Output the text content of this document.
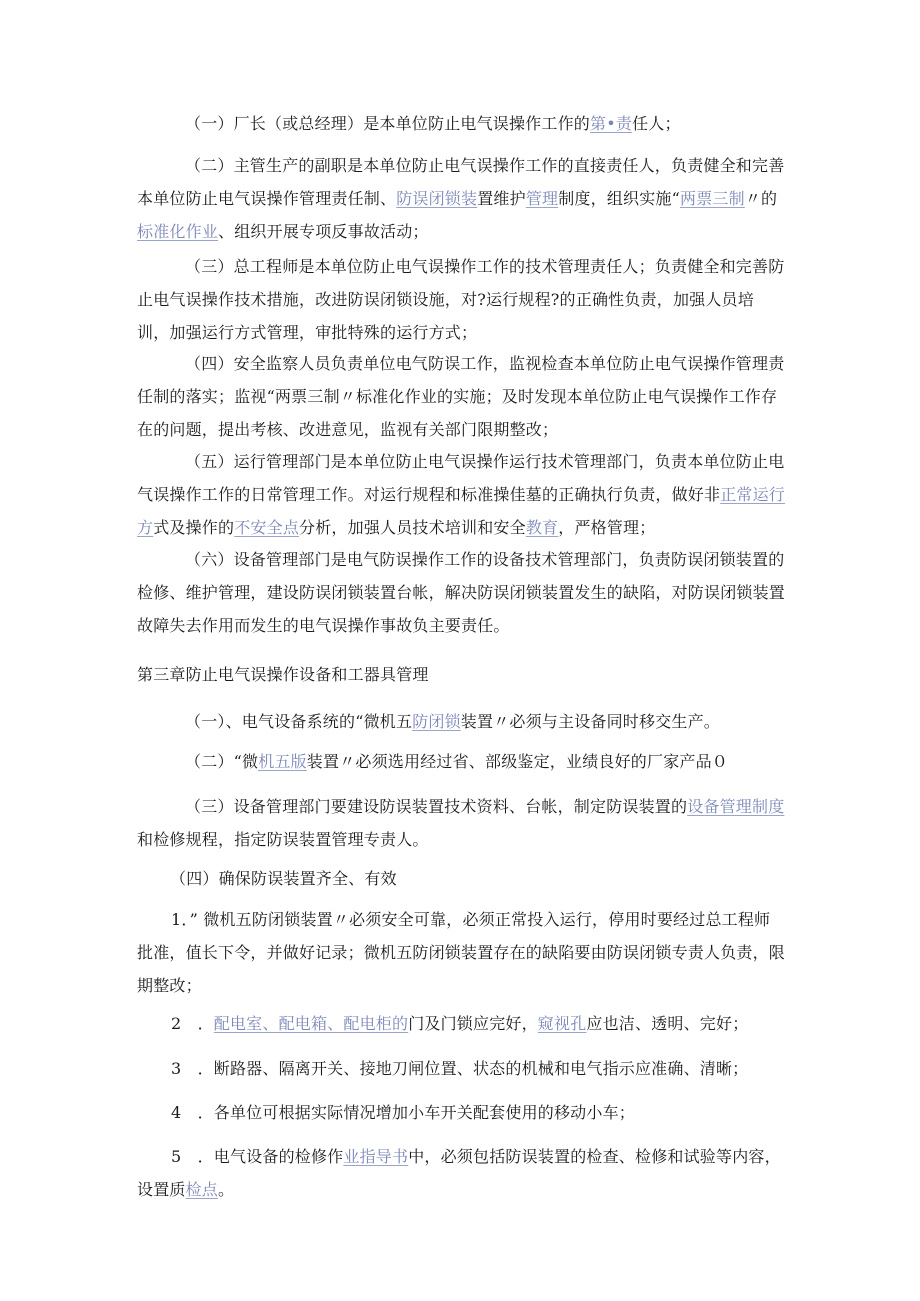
（一）厂长（或总经理）是本单位防止电气误操作工作的第•责任人；

（二）主管生产的副职是本单位防止电气误操作工作的直接责任人，负责健全和完善本单位防止电气误操作管理责任制、防误闭锁装置维护管理制度，组织实施“两票三制〃的标准化作业、组织开展专项反事故活动；

（三）总工程师是本单位防止电气误操作工作的技术管理责任人；负责健全和完善防止电气误操作技术措施，改进防误闭锁设施，对?运行规程?的正确性负责，加强人员培训，加强运行方式管理，审批特殊的运行方式；

（四）安全监察人员负责单位电气防误工作，监视检查本单位防止电气误操作管理责任制的落实；监视“两票三制〃标准化作业的实施；及时发现本单位防止电气误操作工作存在的问题，提出考核、改进意见，监视有关部门限期整改；

（五）运行管理部门是本单位防止电气误操作运行技术管理部门，负责本单位防止电气误操作工作的日常管理工作。对运行规程和标准操佳墓的正确执行负责，做好非正常运行方式及操作的不安全点分析，加强人员技术培训和安全教育，严格管理；

（六）设备管理部门是电气防误操作工作的设备技术管理部门，负责防误闭锁装置的检修、维护管理，建设防误闭锁装置台帐，解决防误闭锁装置发生的缺陷，对防误闭锁装置故障失去作用而发生的电气误操作事故负主要责任。

第三章防止电气误操作设备和工器具管理

（一）、电气设备系统的“微机五防闭锁装置〃必须与主设备同时移交生产。

（二）“微机五版装置〃必须选用经过省、部级鉴定，业绩良好的厂家产品０

（三）设备管理部门要建设防误装置技术资料、台帐，制定防误装置的设备管理制度和检修规程，指定防误装置管理专责人。

（四）确保防误装置齐全、有效

1．” 微机五防闭锁装置〃必须安全可靠，必须正常投入运行，停用时要经过总工程师批准，值长下令，并做好记录；微机五防闭锁装置存在的缺陷要由防误闭锁专责人负责，限期整改；

2　．配电室、配电箱、配电柜的门及门锁应完好，窥视孔应也洁、透明、完好；

3　．断路器、隔离开关、接地刀闸位置、状态的机械和电气指示应准确、清晰；

4　．各单位可根据实际情况增加小车开关配套使用的移动小车；

5　．电气设备的检修作业指导书中，必须包括防误装置的检查、检修和试验等内容，设置质检点。
